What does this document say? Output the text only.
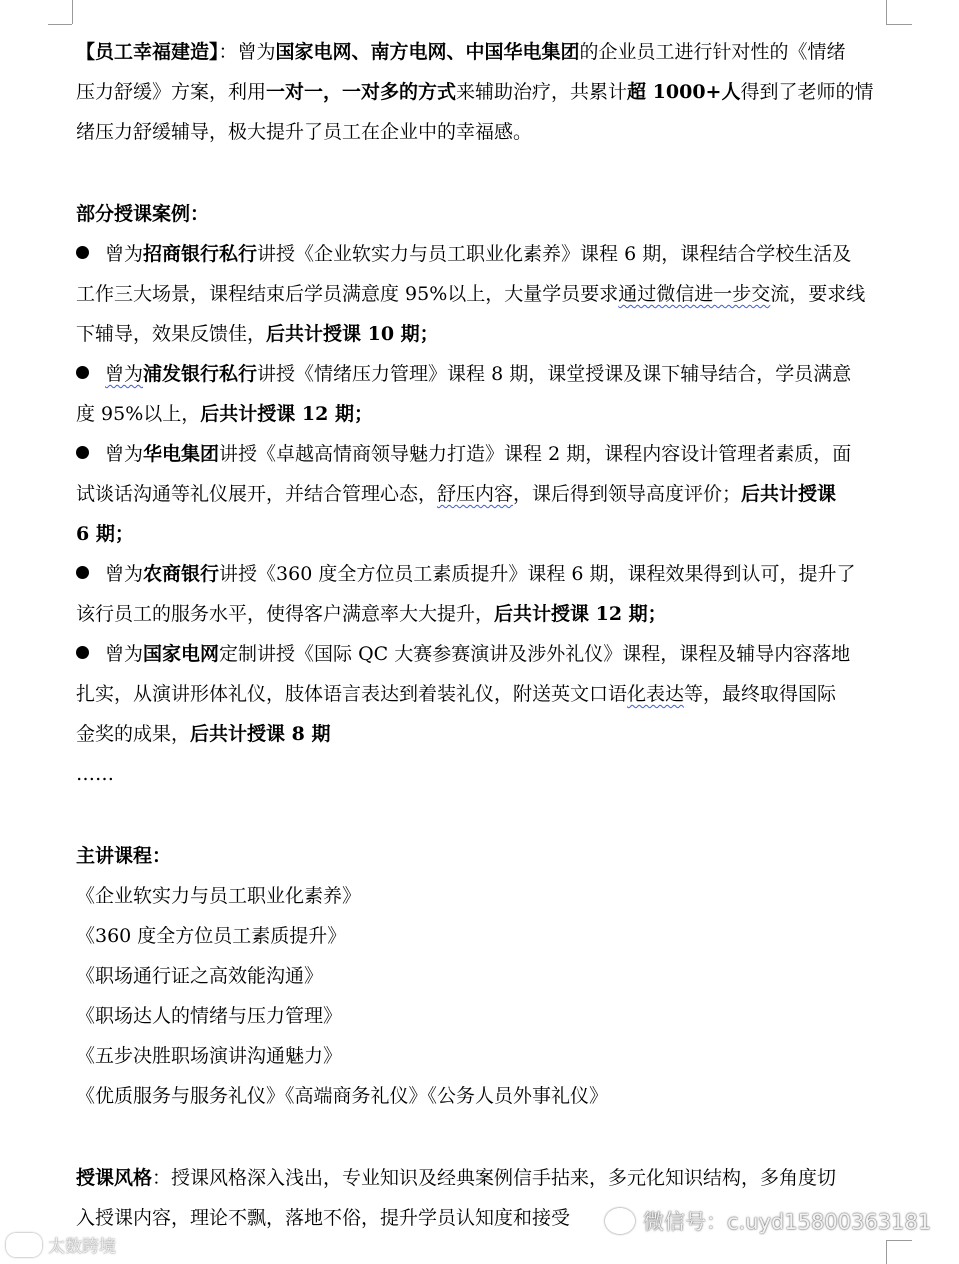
【员工幸福建造】：曾为国家电网、南方电网、中国华电集团的企业员工进行针对性的《情绪
压力舒缓》方案，利用一对一，一对多的方式来辅助治疗，共累计超 1000+人得到了老师的情
绪压力舒缓辅导，极大提升了员工在企业中的幸福感。
部分授课案例：
曾为招商银行私行讲授《企业软实力与员工职业化素养》课程 6 期，课程结合学校生活及
工作三大场景，课程结束后学员满意度 95%以上，大量学员要求通过微信进一步交流，要求线
下辅导，效果反馈佳，后共计授课 10 期；
曾为浦发银行私行讲授《情绪压力管理》课程 8 期，课堂授课及课下辅导结合，学员满意
度 95%以上，后共计授课 12 期；
曾为华电集团讲授《卓越高情商领导魅力打造》课程 2 期，课程内容设计管理者素质，面
试谈话沟通等礼仪展开，并结合管理心态，舒压内容，课后得到领导高度评价；后共计授课
6 期；
曾为农商银行讲授《360 度全方位员工素质提升》课程 6 期，课程效果得到认可，提升了
该行员工的服务水平，使得客户满意率大大提升，后共计授课 12 期；
曾为国家电网定制讲授《国际 QC 大赛参赛演讲及涉外礼仪》课程，课程及辅导内容落地
扎实，从演讲形体礼仪，肢体语言表达到着装礼仪，附送英文口语化表达等，最终取得国际
金奖的成果，后共计授课 8 期
……
主讲课程：
《企业软实力与员工职业化素养》
《360 度全方位员工素质提升》
《职场通行证之高效能沟通》
《职场达人的情绪与压力管理》
《五步决胜职场演讲沟通魅力》
《优质服务与服务礼仪》《高端商务礼仪》《公务人员外事礼仪》
授课风格：授课风格深入浅出，专业知识及经典案例信手拈来，多元化知识结构，多角度切
入授课内容，理论不飘，落地不俗，提升学员认知度和接受
太数跨境
微信号：c.uyd15800363181
